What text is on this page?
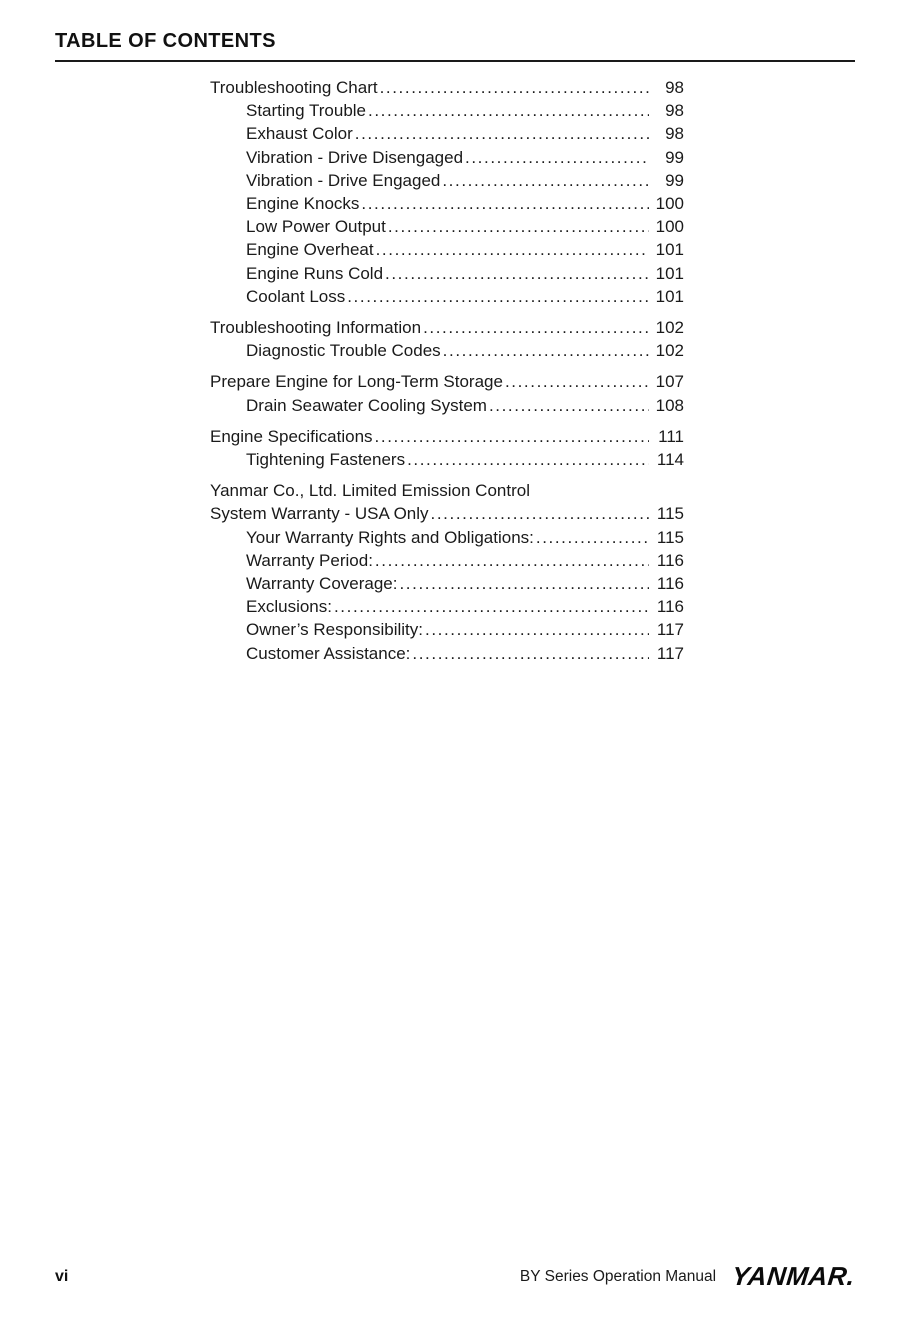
TABLE OF CONTENTS
Troubleshooting Chart .....	98
Starting Trouble .....	98
Exhaust Color .....	98
Vibration - Drive Disengaged .....	99
Vibration - Drive Engaged .....	99
Engine Knocks .....	100
Low Power Output .....	100
Engine Overheat .....	101
Engine Runs Cold .....	101
Coolant Loss .....	101
Troubleshooting Information .....	102
Diagnostic Trouble Codes .....	102
Prepare Engine for Long-Term Storage .....	107
Drain Seawater Cooling System .....	108
Engine Specifications .....	111
Tightening Fasteners .....	114
Yanmar Co., Ltd. Limited Emission Control
System Warranty - USA Only .....	115
Your Warranty Rights and Obligations: .....	115
Warranty Period: .....	116
Warranty Coverage: .....	116
Exclusions: .....	116
Owner’s Responsibility: .....	117
Customer Assistance: .....	117
vi	BY Series Operation Manual YANMAR.
